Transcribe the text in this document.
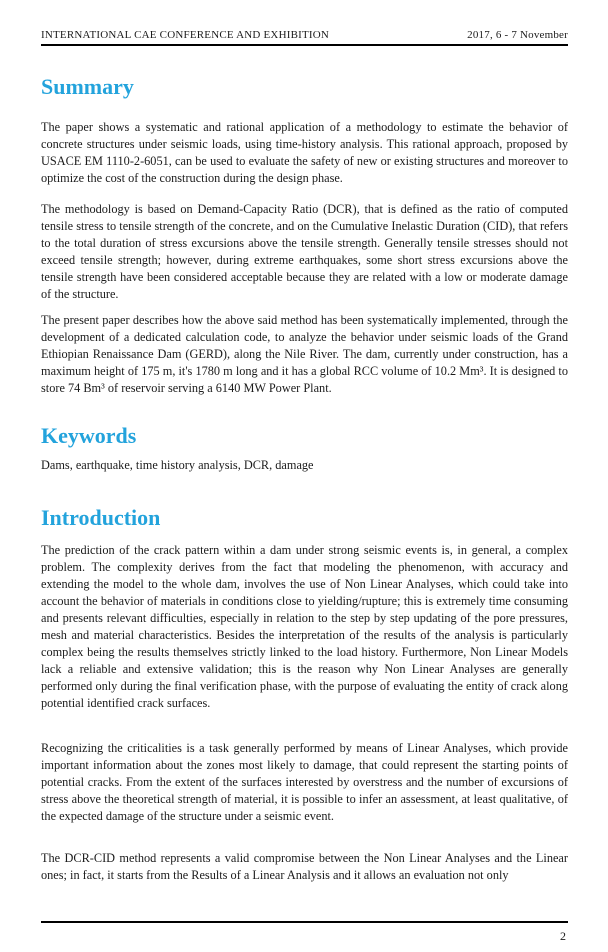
INTERNATIONAL CAE CONFERENCE AND EXHIBITION	2017, 6 - 7 November
Summary

The paper shows a systematic and rational application of a methodology to estimate the behavior of concrete structures under seismic loads, using time-history analysis. This rational approach, proposed by USACE EM 1110-2-6051, can be used to evaluate the safety of new or existing structures and moreover to optimize the cost of the construction during the design phase.

The methodology is based on Demand-Capacity Ratio (DCR), that is defined as the ratio of computed tensile stress to tensile strength of the concrete, and on the Cumulative Inelastic Duration (CID), that refers to the total duration of stress excursions above the tensile strength. Generally tensile stresses should not exceed tensile strength; however, during extreme earthquakes, some short stress excursions above the tensile strength have been considered acceptable because they are related with a low or moderate damage of the structure.

The present paper describes how the above said method has been systematically implemented, through the development of a dedicated calculation code, to analyze the behavior under seismic loads of the Grand Ethiopian Renaissance Dam (GERD), along the Nile River. The dam, currently under construction, has a maximum height of 175 m, it's 1780 m long and it has a global RCC volume of 10.2 Mm³. It is designed to store 74 Bm³ of reservoir serving a 6140 MW Power Plant.

Keywords

Dams, earthquake, time history analysis, DCR, damage

Introduction

The prediction of the crack pattern within a dam under strong seismic events is, in general, a complex problem. The complexity derives from the fact that modeling the phenomenon, with accuracy and extending the model to the whole dam, involves the use of Non Linear Analyses, which could take into account the behavior of materials in conditions close to yielding/rupture; this is extremely time consuming and presents relevant difficulties, especially in relation to the step by step updating of the pore pressures, mesh and material characteristics. Besides the interpretation of the results of the analysis is particularly complex being the results themselves strictly linked to the load history. Furthermore, Non Linear Models lack a reliable and extensive validation; this is the reason why Non Linear Analyses are generally performed only during the final verification phase, with the purpose of evaluating the entity of crack along potential identified crack surfaces.

Recognizing the criticalities is a task generally performed by means of Linear Analyses, which provide important information about the zones most likely to damage, that could represent the starting points of potential cracks. From the extent of the surfaces interested by overstress and the number of excursions of stress above the theoretical strength of material, it is possible to infer an assessment, at least qualitative, of the expected damage of the structure under a seismic event.

The DCR-CID method represents a valid compromise between the Non Linear Analyses and the Linear ones; in fact, it starts from the Results of a Linear Analysis and it allows an evaluation not only

2
